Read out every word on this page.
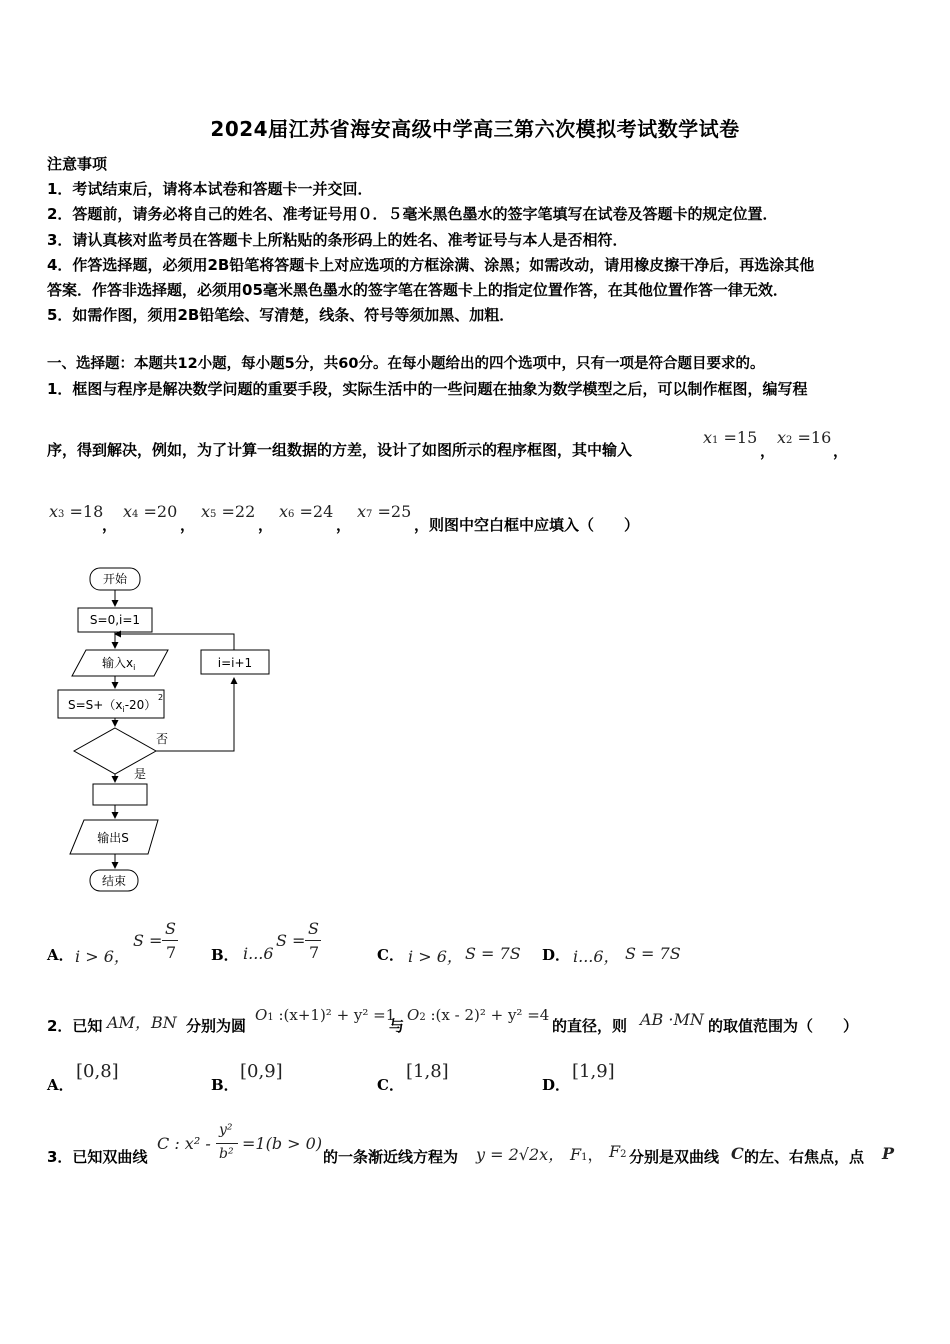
2024届江苏省海安高级中学高三第六次模拟考试数学试卷
注意事项
1．考试结束后，请将本试卷和答题卡一并交回．
2．答题前，请务必将自己的姓名、准考证号用０．５毫米黑色墨水的签字笔填写在试卷及答题卡的规定位置．
3．请认真核对监考员在答题卡上所粘贴的条形码上的姓名、准考证号与本人是否相符．
4．作答选择题，必须用2B铅笔将答题卡上对应选项的方框涂满、涂黑；如需改动，请用橡皮擦干净后，再选涂其他
答案．作答非选择题，必须用05毫米黑色墨水的签字笔在答题卡上的指定位置作答，在其他位置作答一律无效．
5．如需作图，须用2B铅笔绘、写清楚，线条、符号等须加黑、加粗．
一、选择题：本题共12小题，每小题5分，共60分。在每小题给出的四个选项中，只有一项是符合题目要求的。
1．框图与程序是解决数学问题的重要手段，实际生活中的一些问题在抽象为数学模型之后，可以制作框图，编写程
序，得到解决，例如，为了计算一组数据的方差，设计了如图所示的程序框图，其中输入
x1 =15
，
x2 =16
，
x3 =18
，
x4 =20
，
x5 =22
，
x6 =24
，
x7 =25
，则图中空白框中应填入（　　）
开始
S=0,i=1
输入$x_i$
$S=S+(x_i-20)$
2
i=i+1
否
是
输出S
结束
A． i > 6，
S =
S
7 B． i...6
S =
S
7	C． i > 6， S = 7S D． i...6， S = 7S
2．已知 AM，BN 分别为圆
O1 :(x+1)² + y² =1
与
O2 :(x - 2)² + y² =4
的直径，则 AB ·MN 的取值范围为（　　）
A．
[0,8]
B．
[0,9]
C．
[1,8]
D．
[1,9]
3．已知双曲线
C : x² -
y²
b²
=1(b > 0)
的一条渐近线方程为 y = 2√2x， F1， F2 分别是双曲线 C 的左、右焦点，点 P
